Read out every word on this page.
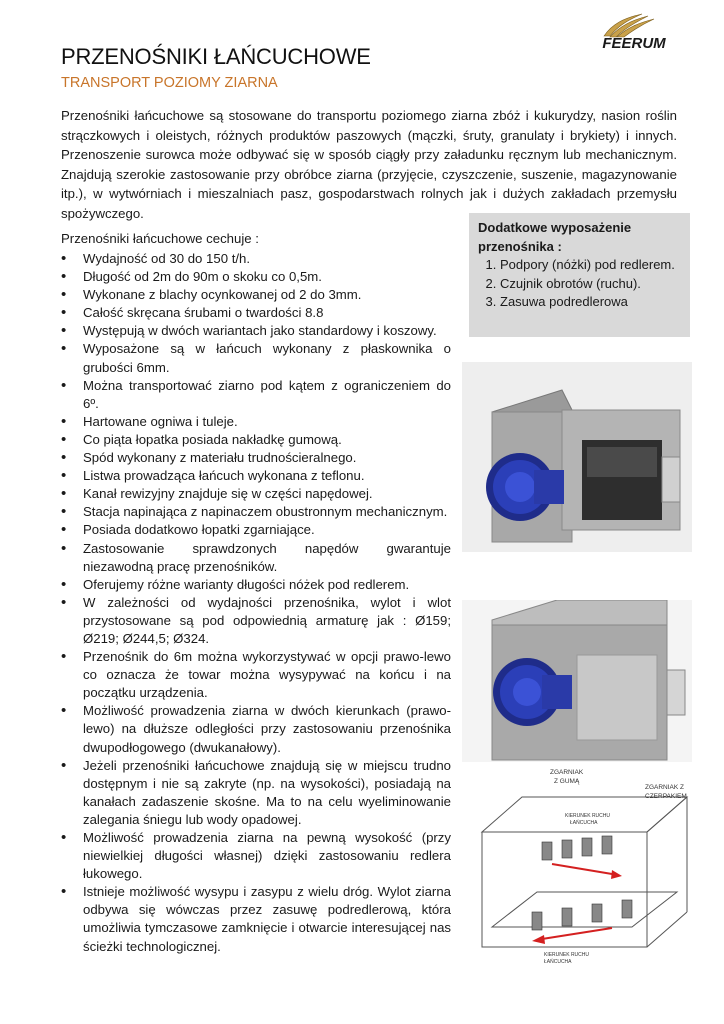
FEERUM
PRZENOŚNIKI ŁAŃCUCHOWE
TRANSPORT POZIOMY ZIARNA

Przenośniki łańcuchowe są stosowane do transportu poziomego ziarna zbóż i kukurydzy, nasion roślin strączkowych i oleistych, różnych produktów paszowych (mączki, śruty, granulaty i brykiety) i innych. Przenoszenie surowca może odbywać się w sposób ciągły przy załadunku ręcznym lub mechanicznym. Znajdują szerokie zastosowanie przy obróbce ziarna (przyjęcie, czyszczenie, suszenie, magazynowanie itp.), w wytwórniach i mieszalniach pasz, gospodarstwach rolnych jak i dużych zakładach przemysłu spożywczego.

Przenośniki łańcuchowe cechuje :
• Wydajność od 30 do 150 t/h.
• Długość od 2m do 90m o skoku co 0,5m.
• Wykonane z blachy ocynkowanej od 2 do 3mm.
• Całość skręcana śrubami o twardości 8.8
• Występują w dwóch wariantach jako standardowy i koszowy.
• Wyposażone są w łańcuch wykonany z płaskownika o grubości 6mm.
• Można transportować ziarno pod kątem z ograniczeniem do 6º.
• Hartowane ogniwa i tuleje.
• Co piąta łopatka posiada nakładkę gumową.
• Spód wykonany z materiału trudnościeralnego.
• Listwa prowadząca łańcuch wykonana z teflonu.
• Kanał rewizyjny znajduje się w części napędowej.
• Stacja napinająca z napinaczem obustronnym mechanicznym.
• Posiada dodatkowo łopatki zgarniające.
• Zastosowanie sprawdzonych napędów gwarantuje niezawodną pracę przenośników.
• Oferujemy różne warianty długości nóżek pod redlerem.
• W zależności od wydajności przenośnika, wylot i wlot przystosowane są pod odpowiednią armaturę jak : Ø159; Ø219; Ø244,5; Ø324.
• Przenośnik do 6m można wykorzystywać w opcji prawo-lewo co oznacza że towar można wysypywać na końcu i na początku urządzenia.
• Możliwość prowadzenia ziarna w dwóch kierunkach (prawo-lewo) na dłuższe odległości przy zastosowaniu przenośnika dwupodłogowego (dwukanałowy).
• Jeżeli przenośniki łańcuchowe znajdują się w miejscu trudno dostępnym i nie są zakryte (np. na wysokości), posiadają na kanałach zadaszenie skośne. Ma to na celu wyeliminowanie zalegania śniegu lub wody opadowej.
• Możliwość prowadzenia ziarna na pewną wysokość (przy niewielkiej długości własnej) dzięki zastosowaniu redlera łukowego.
• Istnieje możliwość wysypu i zasypu z wielu dróg. Wylot ziarna odbywa się wówczas przez zasuwę podredlerową, która umożliwia tymczasowe zamknięcie i otwarcie interesującej nas ścieżki technologicznej.
Dodatkowe wyposażenie przenośnika :
1. Podpory (nóżki) pod redlerem.
2. Czujnik obrotów (ruchu).
3. Zasuwa podredlerowa
ZGARNIAK
Z GUMĄ
ZGARNIAK Z
CZERPAKIEM
KIERUNEK RUCHU
ŁAŃCUCHA
KIERUNEK RUCHU
ŁAŃCUCHA
